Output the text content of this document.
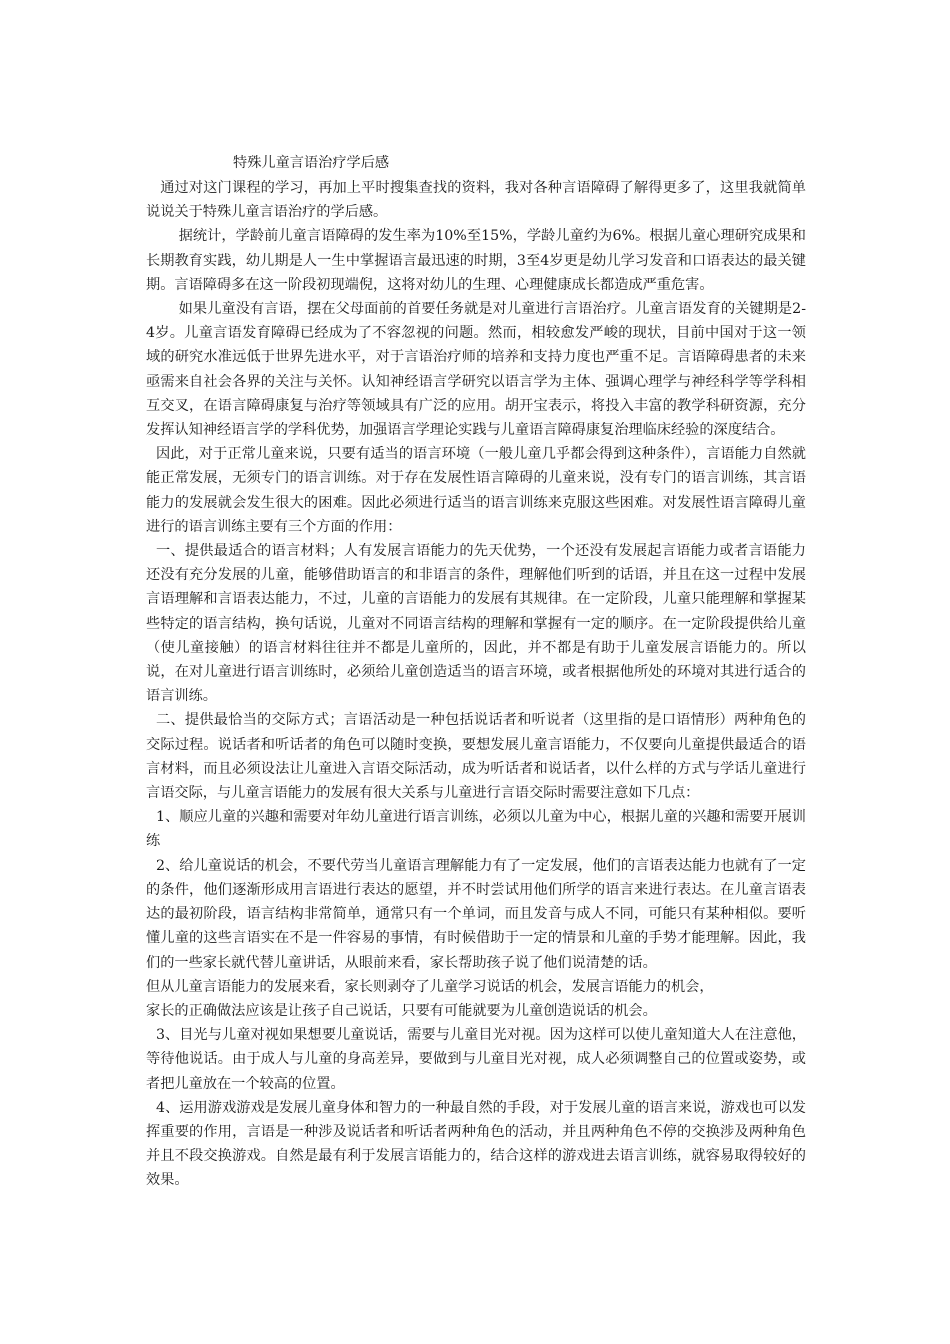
特殊儿童言语治疗学后感

通过对这门课程的学习，再加上平时搜集查找的资料，我对各种言语障碍了解得更多了，这里我就简单说说关于特殊儿童言语治疗的学后感。

据统计，学龄前儿童言语障碍的发生率为10%至15%，学龄儿童约为6%。根据儿童心理研究成果和长期教育实践，幼儿期是人一生中掌握语言最迅速的时期，3至4岁更是幼儿学习发音和口语表达的最关键期。言语障碍多在这一阶段初现端倪，这将对幼儿的生理、心理健康成长都造成严重危害。

如果儿童没有言语，摆在父母面前的首要任务就是对儿童进行言语治疗。儿童言语发育的关键期是2-4岁。儿童言语发育障碍已经成为了不容忽视的问题。然而，相较愈发严峻的现状，目前中国对于这一领域的研究水准远低于世界先进水平，对于言语治疗师的培养和支持力度也严重不足。言语障碍患者的未来亟需来自社会各界的关注与关怀。认知神经语言学研究以语言学为主体、强调心理学与神经科学等学科相互交叉，在语言障碍康复与治疗等领域具有广泛的应用。胡开宝表示，将投入丰富的教学科研资源，充分发挥认知神经语言学的学科优势，加强语言学理论实践与儿童语言障碍康复治理临床经验的深度结合。

因此，对于正常儿童来说，只要有适当的语言环境（一般儿童几乎都会得到这种条件），言语能力自然就能正常发展，无须专门的语言训练。对于存在发展性语言障碍的儿童来说，没有专门的语言训练，其言语能力的发展就会发生很大的困难。因此必须进行适当的语言训练来克服这些困难。对发展性语言障碍儿童进行的语言训练主要有三个方面的作用：

一、提供最适合的语言材料；人有发展言语能力的先天优势，一个还没有发展起言语能力或者言语能力还没有充分发展的儿童，能够借助语言的和非语言的条件，理解他们听到的话语，并且在这一过程中发展言语理解和言语表达能力，不过，儿童的言语能力的发展有其规律。在一定阶段，儿童只能理解和掌握某些特定的语言结构，换句话说，儿童对不同语言结构的理解和掌握有一定的顺序。在一定阶段提供给儿童（使儿童接触）的语言材料往往并不都是儿童所的，因此，并不都是有助于儿童发展言语能力的。所以说，在对儿童进行语言训练时，必须给儿童创造适当的语言环境，或者根据他所处的环境对其进行适合的语言训练。

二、提供最恰当的交际方式；言语活动是一种包括说话者和听说者（这里指的是口语情形）两种角色的交际过程。说话者和听话者的角色可以随时变换，要想发展儿童言语能力，不仅要向儿童提供最适合的语言材料，而且必须设法让儿童进入言语交际活动，成为听话者和说话者，以什么样的方式与学话儿童进行言语交际，与儿童言语能力的发展有很大关系与儿童进行言语交际时需要注意如下几点：

1、顺应儿童的兴趣和需要对年幼儿童进行语言训练，必须以儿童为中心，根据儿童的兴趣和需要开展训练

2、给儿童说话的机会，不要代劳当儿童语言理解能力有了一定发展，他们的言语表达能力也就有了一定的条件，他们逐渐形成用言语进行表达的愿望，并不时尝试用他们所学的语言来进行表达。在儿童言语表达的最初阶段，语言结构非常简单，通常只有一个单词，而且发音与成人不同，可能只有某种相似。要听懂儿童的这些言语实在不是一件容易的事情，有时候借助于一定的情景和儿童的手势才能理解。因此，我们的一些家长就代替儿童讲话，从眼前来看，家长帮助孩子说了他们说清楚的话。

但从儿童言语能力的发展来看，家长则剥夺了儿童学习说话的机会，发展言语能力的机会，

家长的正确做法应该是让孩子自己说话，只要有可能就要为儿童创造说话的机会。

3、目光与儿童对视如果想要儿童说话，需要与儿童目光对视。因为这样可以使儿童知道大人在注意他，等待他说话。由于成人与儿童的身高差异，要做到与儿童目光对视，成人必须调整自己的位置或姿势，或者把儿童放在一个较高的位置。

4、运用游戏游戏是发展儿童身体和智力的一种最自然的手段，对于发展儿童的语言来说，游戏也可以发挥重要的作用，言语是一种涉及说话者和听话者两种角色的活动，并且两种角色不停的交换涉及两种角色并且不段交换游戏。自然是最有利于发展言语能力的，结合这样的游戏进去语言训练，就容易取得较好的效果。
